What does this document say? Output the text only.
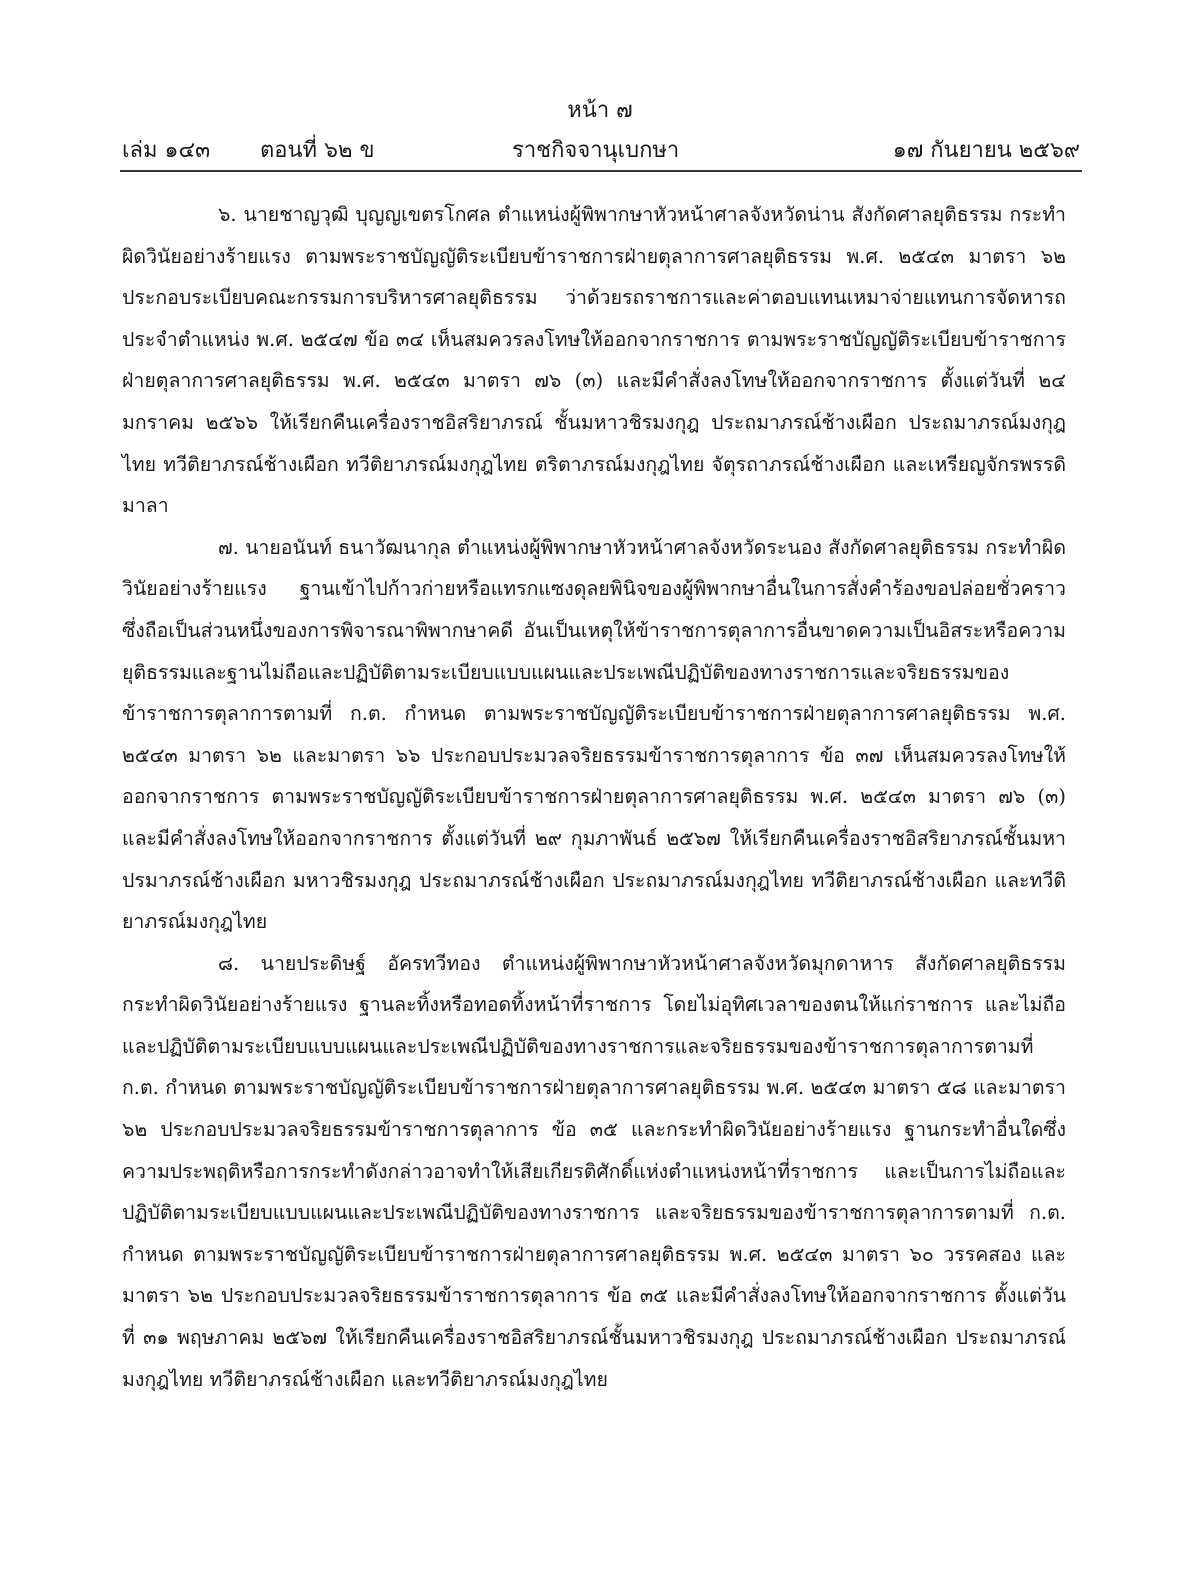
หน้า ๗
เล่ม ๑๔๓ ตอนที่ ๖๒ ข	ราชกิจจานุเบกษา	๑๗ กันยายน ๒๕๖๙

๖. นายชาญวุฒิ บุญญเขตรโกศล ตำแหน่งผู้พิพากษาหัวหน้าศาลจังหวัดน่าน สังกัดศาลยุติธรรม กระทำผิดวินัยอย่างร้ายแรง ตามพระราชบัญญัติระเบียบข้าราชการฝ่ายตุลาการศาลยุติธรรม พ.ศ. ๒๕๔๓ มาตรา ๖๒ ประกอบระเบียบคณะกรรมการบริหารศาลยุติธรรม ว่าด้วยรถราชการและค่าตอบแทนเหมาจ่ายแทนการจัดหารถประจำตำแหน่ง พ.ศ. ๒๕๔๗ ข้อ ๓๔ เห็นสมควรลงโทษให้ออกจากราชการ ตามพระราชบัญญัติระเบียบข้าราชการฝ่ายตุลาการศาลยุติธรรม พ.ศ. ๒๕๔๓ มาตรา ๗๖ (๓) และมีคำสั่งลงโทษให้ออกจากราชการ ตั้งแต่วันที่ ๒๔ มกราคม ๒๕๖๖ ให้เรียกคืนเครื่องราชอิสริยาภรณ์ ชั้นมหาวชิรมงกุฎ ประถมาภรณ์ช้างเผือก ประถมาภรณ์มงกุฎไทย ทวีติยาภรณ์ช้างเผือก ทวีติยาภรณ์มงกุฎไทย ตริตาภรณ์มงกุฎไทย จัตุรถาภรณ์ช้างเผือก และเหรียญจักรพรรดิมาลา

๗. นายอนันท์ ธนาวัฒนากุล ตำแหน่งผู้พิพากษาหัวหน้าศาลจังหวัดระนอง สังกัดศาลยุติธรรม กระทำผิดวินัยอย่างร้ายแรง ฐานเข้าไปก้าวก่ายหรือแทรกแซงดุลยพินิจของผู้พิพากษาอื่นในการสั่งคำร้องขอปล่อยชั่วคราว ซึ่งถือเป็นส่วนหนึ่งของการพิจารณาพิพากษาคดี อันเป็นเหตุให้ข้าราชการตุลาการอื่นขาดความเป็นอิสระหรือความยุติธรรมและฐานไม่ถือและปฏิบัติตามระเบียบแบบแผนและประเพณีปฏิบัติของทางราชการและจริยธรรมของข้าราชการตุลาการตามที่ ก.ต. กำหนด ตามพระราชบัญญัติระเบียบข้าราชการฝ่ายตุลาการศาลยุติธรรม พ.ศ. ๒๕๔๓ มาตรา ๖๒ และมาตรา ๖๖ ประกอบประมวลจริยธรรมข้าราชการตุลาการ ข้อ ๓๗ เห็นสมควรลงโทษให้ออกจากราชการ ตามพระราชบัญญัติระเบียบข้าราชการฝ่ายตุลาการศาลยุติธรรม พ.ศ. ๒๕๔๓ มาตรา ๗๖ (๓) และมีคำสั่งลงโทษให้ออกจากราชการ ตั้งแต่วันที่ ๒๙ กุมภาพันธ์ ๒๕๖๗ ให้เรียกคืนเครื่องราชอิสริยาภรณ์ชั้นมหาปรมาภรณ์ช้างเผือก มหาวชิรมงกุฎ ประถมาภรณ์ช้างเผือก ประถมาภรณ์มงกุฎไทย ทวีติยาภรณ์ช้างเผือก และทวีติยาภรณ์มงกุฎไทย

๘. นายประดิษฐ์ อัครทวีทอง ตำแหน่งผู้พิพากษาหัวหน้าศาลจังหวัดมุกดาหาร สังกัดศาลยุติธรรม กระทำผิดวินัยอย่างร้ายแรง ฐานละทิ้งหรือทอดทิ้งหน้าที่ราชการ โดยไม่อุทิศเวลาของตนให้แก่ราชการ และไม่ถือและปฏิบัติตามระเบียบแบบแผนและประเพณีปฏิบัติของทางราชการและจริยธรรมของข้าราชการตุลาการตามที่ ก.ต. กำหนด ตามพระราชบัญญัติระเบียบข้าราชการฝ่ายตุลาการศาลยุติธรรม พ.ศ. ๒๕๔๓ มาตรา ๕๘ และมาตรา ๖๒ ประกอบประมวลจริยธรรมข้าราชการตุลาการ ข้อ ๓๕ และกระทำผิดวินัยอย่างร้ายแรง ฐานกระทำอื่นใดซึ่งความประพฤติหรือการกระทำดังกล่าวอาจทำให้เสียเกียรติศักดิ์แห่งตำแหน่งหน้าที่ราชการ และเป็นการไม่ถือและปฏิบัติตามระเบียบแบบแผนและประเพณีปฏิบัติของทางราชการ และจริยธรรมของข้าราชการตุลาการตามที่ ก.ต. กำหนด ตามพระราชบัญญัติระเบียบข้าราชการฝ่ายตุลาการศาลยุติธรรม พ.ศ. ๒๕๔๓ มาตรา ๖๐ วรรคสอง และมาตรา ๖๒ ประกอบประมวลจริยธรรมข้าราชการตุลาการ ข้อ ๓๕ และมีคำสั่งลงโทษให้ออกจากราชการ ตั้งแต่วันที่ ๓๑ พฤษภาคม ๒๕๖๗ ให้เรียกคืนเครื่องราชอิสริยาภรณ์ชั้นมหาวชิรมงกุฎ ประถมาภรณ์ช้างเผือก ประถมาภรณ์มงกุฎไทย ทวีติยาภรณ์ช้างเผือก และทวีติยาภรณ์มงกุฎไทย
